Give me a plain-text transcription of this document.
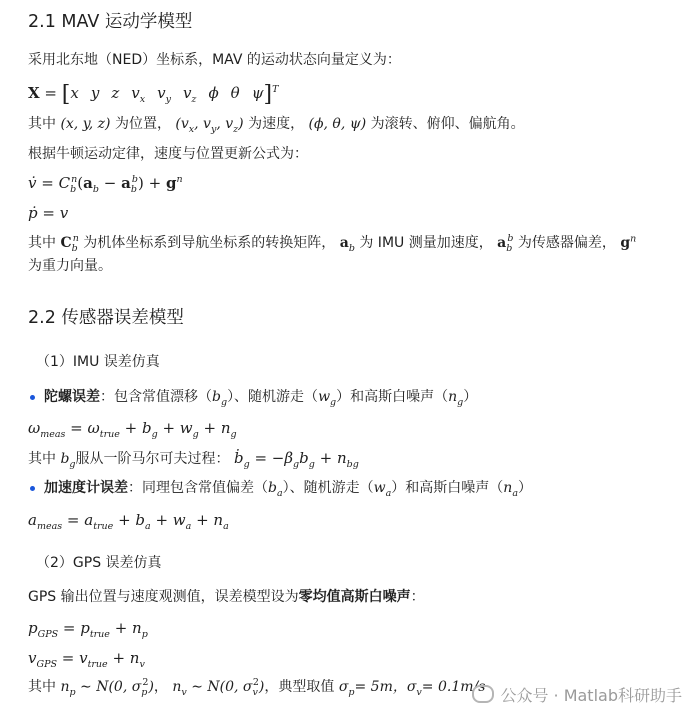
2.1 MAV 运动学模型
采用北东地（NED）坐标系，MAV 的运动状态向量定义为：
X = [x y z $v_x$ $v_y$ $v_z$ ϕ θ ψ]$^T$
其中 (x, y, z) 为位置， ($v_x$, $v_y$, $v_z$) 为速度， (ϕ, θ, ψ) 为滚转、俯仰、偏航角。
根据牛顿运动定律，速度与位置更新公式为：
v̇ = $C_b^n(a_b - a_b^b) + g^n$
ṗ = v
其中 $C_b^n$ 为机体坐标系到导航坐标系的转换矩阵， $a_b$ 为 IMU 测量加速度， $a_b^b$ 为传感器偏差， $g^n$
为重力向量。
2.2 传感器误差模型
（1）IMU 误差仿真
陀螺误差：包含常值漂移$(b_g)$、随机游走$(w_g)$和高斯白噪声$(n_g)$
$\omega_{meas} = \omega_{true} + b_g + w_g + n_g$
其中 $b_g$服从一阶马尔可夫过程： ḃ$_g$ = $-\beta_gb_g + n_{bg}$
加速度计误差：同理包含常值偏差$(b_a)$、随机游走$(w_a)$和高斯白噪声$(n_a)$
$a_{meas} = a_{true} + b_a + w_a + n_a$
（2）GPS 误差仿真
GPS 输出位置与速度观测值，误差模型设为零均值高斯白噪声：
$p_{GPS} = p_{true} + n_p$
$v_{GPS} = v_{true} + n_v$
其中 $n_p$ ∼ N(0, $\sigma_p^2$)， $n_v$ ∼ N(0, $\sigma_v^2$)，典型取值 $\sigma_p= 5m$，$\sigma_v= 0.1m/s$ 公众号 · Matlab科研助手
